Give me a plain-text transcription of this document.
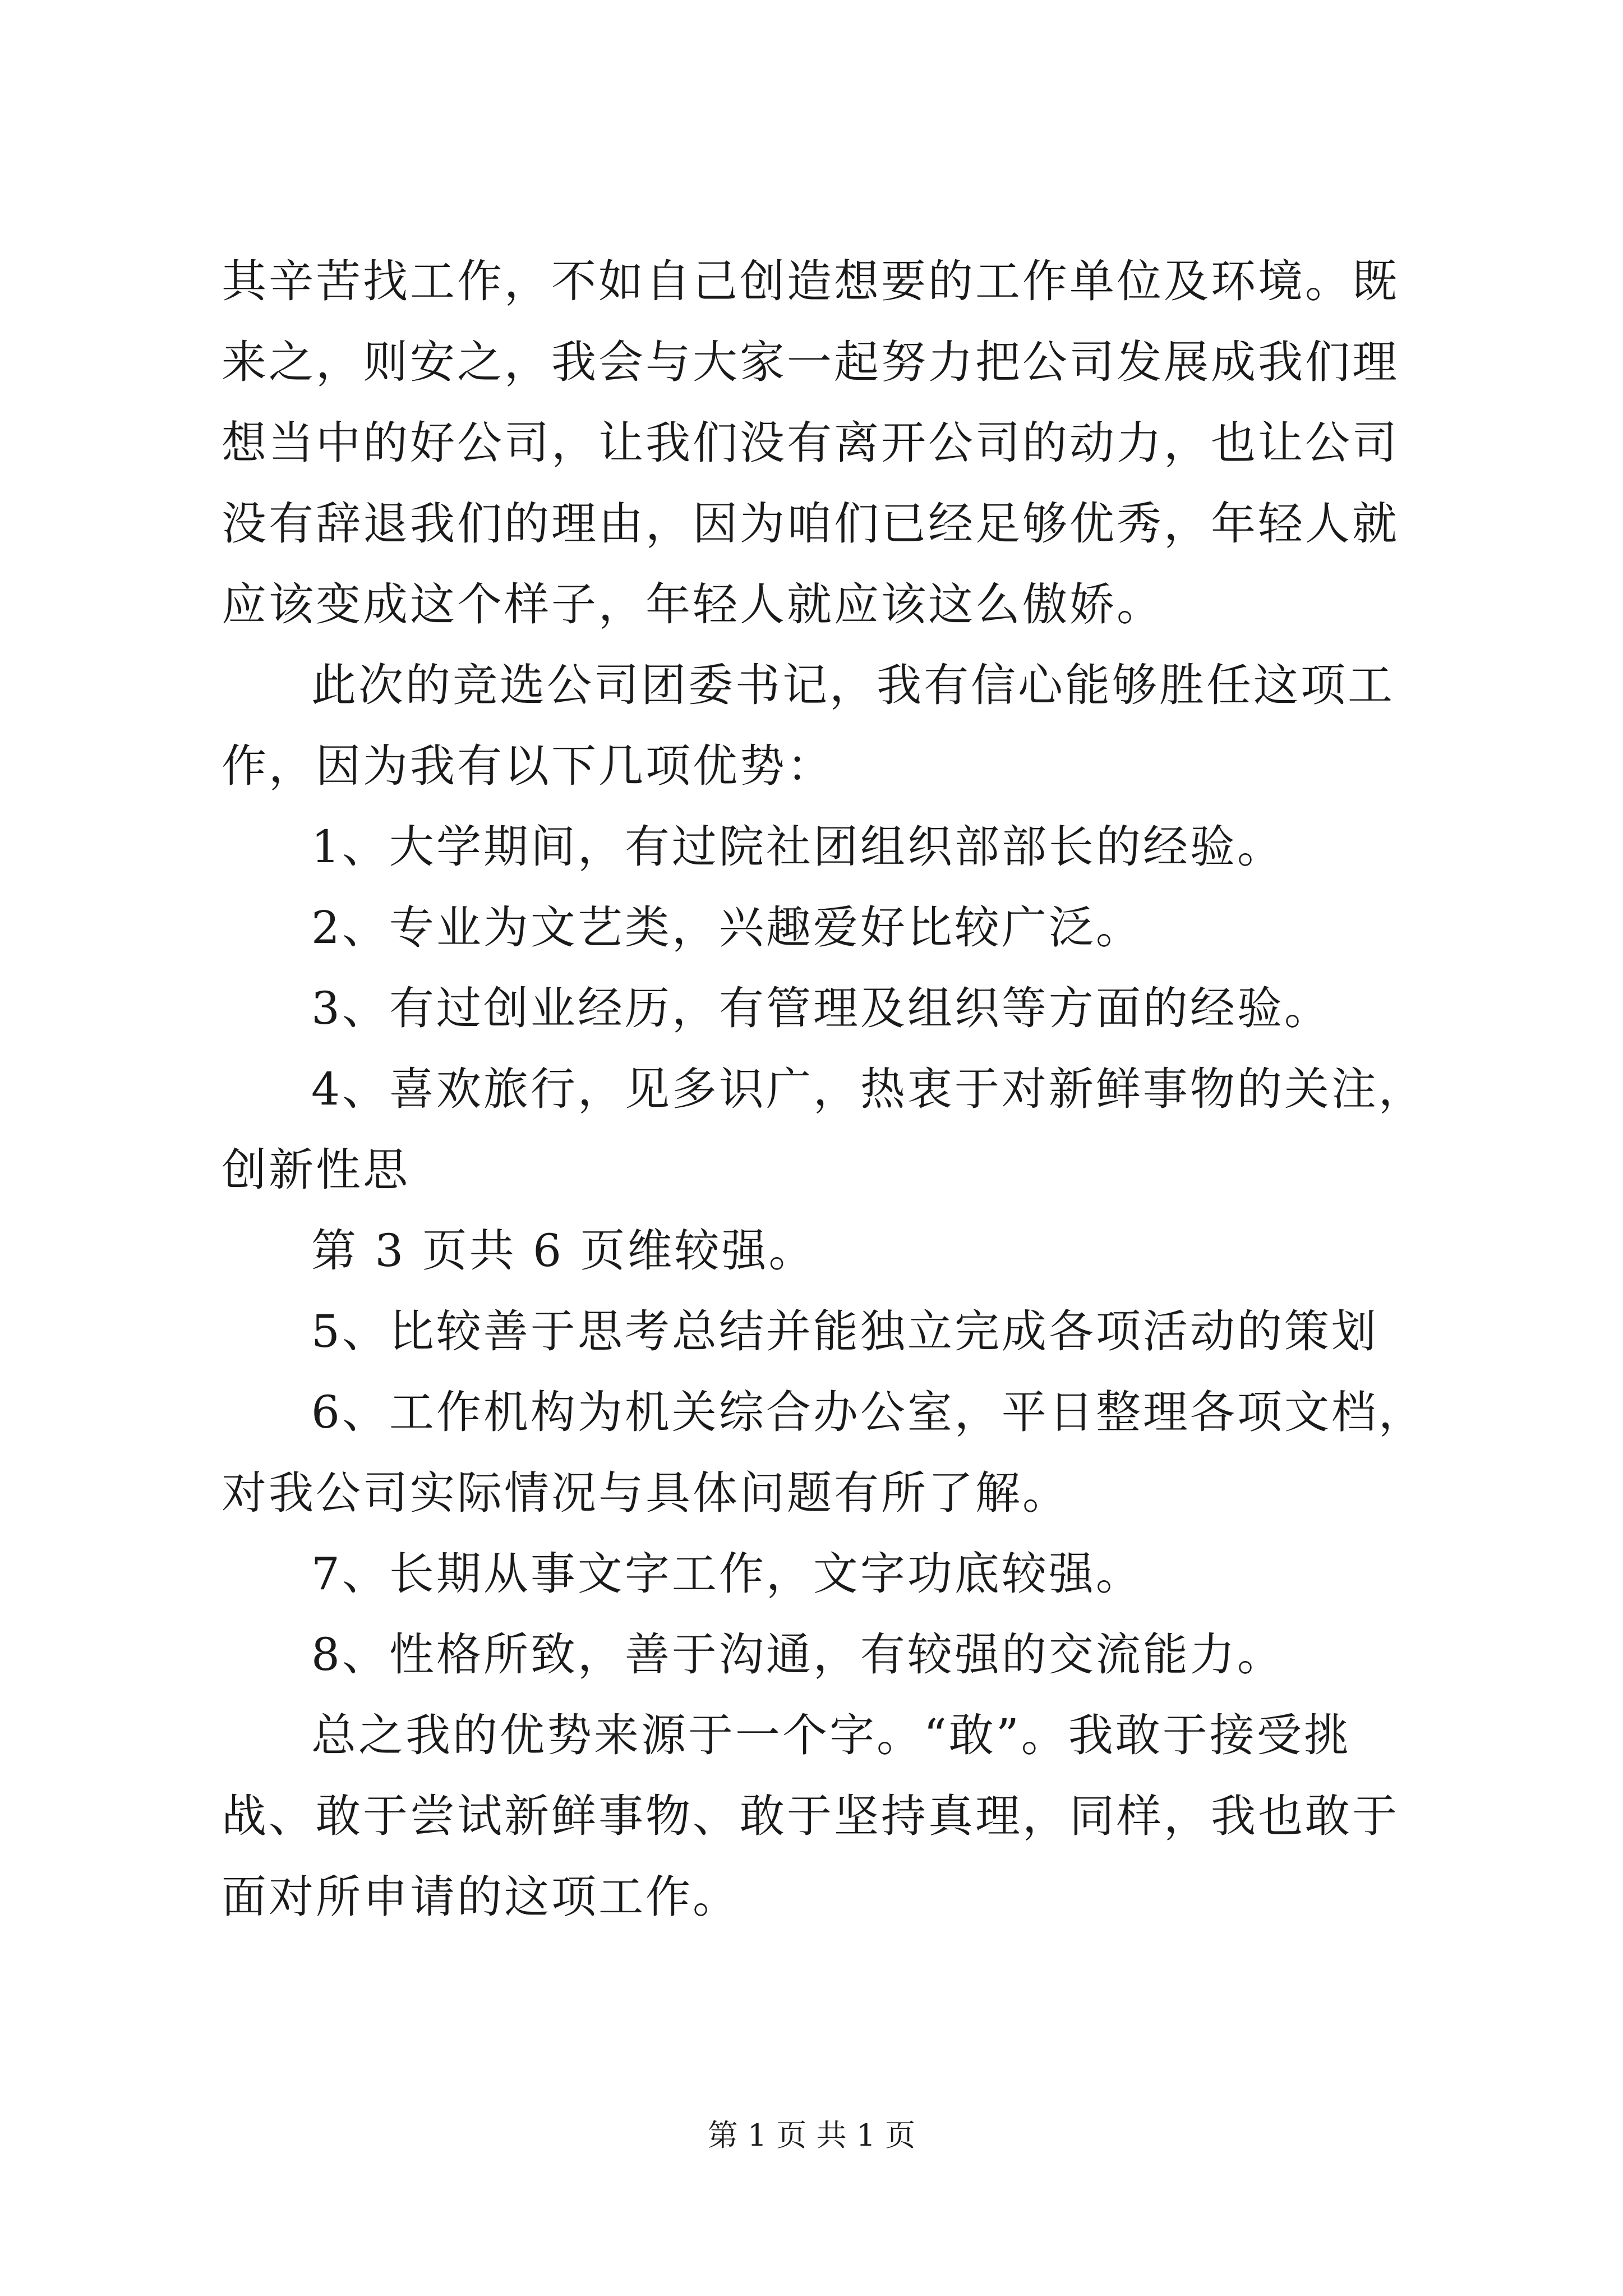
其辛苦找工作，不如自己创造想要的工作单位及环境。既来之，则安之，我会与大家一起努力把公司发展成我们理想当中的好公司，让我们没有离开公司的动力，也让公司没有辞退我们的理由，因为咱们已经足够优秀，年轻人就应该变成这个样子，年轻人就应该这么傲娇。

此次的竞选公司团委书记，我有信心能够胜任这项工作，因为我有以下几项优势：

1、大学期间，有过院社团组织部部长的经验。

2、专业为文艺类，兴趣爱好比较广泛。

3、有过创业经历，有管理及组织等方面的经验。

4、喜欢旅行，见多识广，热衷于对新鲜事物的关注，创新性思

第 3 页共 6 页维较强。

5、比较善于思考总结并能独立完成各项活动的策划

6、工作机构为机关综合办公室，平日整理各项文档，对我公司实际情况与具体问题有所了解。

7、长期从事文字工作，文字功底较强。

8、性格所致，善于沟通，有较强的交流能力。

总之我的优势来源于一个字。“敢”。我敢于接受挑战、敢于尝试新鲜事物、敢于坚持真理，同样，我也敢于面对所申请的这项工作。

第 1 页 共 1 页
